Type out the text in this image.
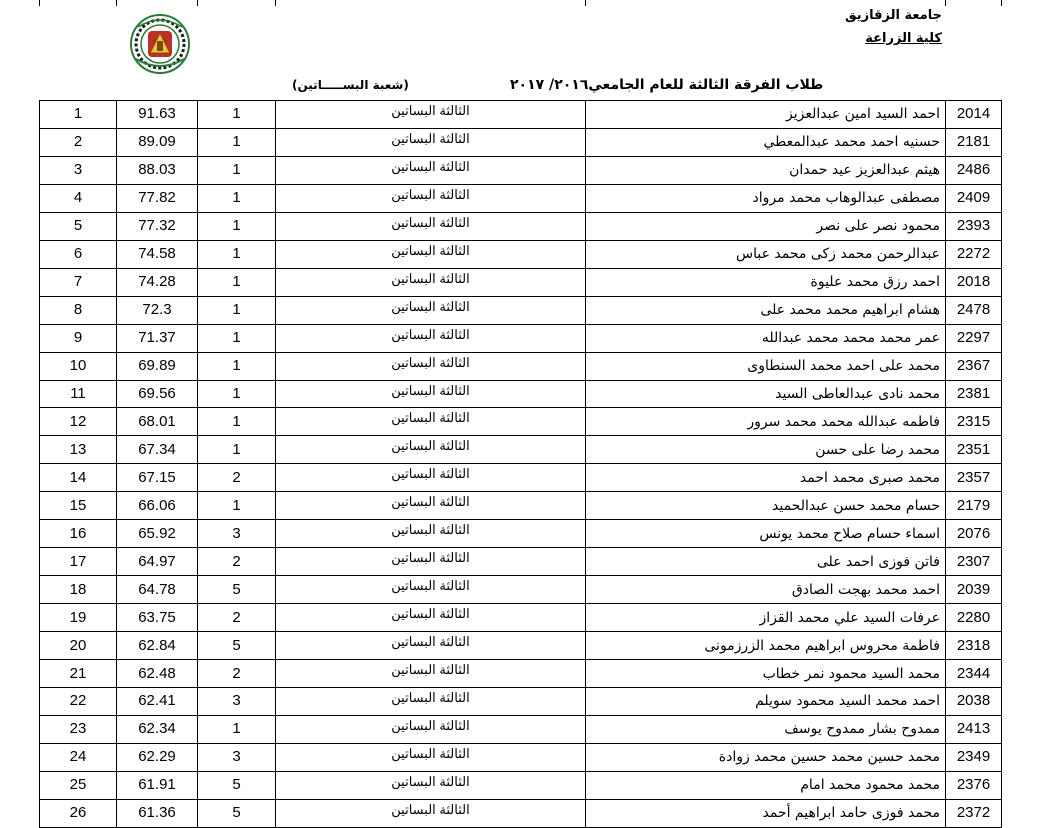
جامعة الزقازيق
كلية الزراعة
طلاب الفرقة الثالثة للعام الجامعي٢٠١٦/ ٢٠١٧
(شعبة البســـــاتين)
1	91.63	1	الثالثة البساتين	احمد السيد امين عبدالعزيز	2014
2	89.09	1	الثالثة البساتين	حسنيه احمد محمد عبدالمعطي	2181
3	88.03	1	الثالثة البساتين	هيثم عبدالعزيز عيد حمدان	2486
4	77.82	1	الثالثة البساتين	مصطفى عبدالوهاب محمد مرواد	2409
5	77.32	1	الثالثة البساتين	محمود نصر على نصر	2393
6	74.58	1	الثالثة البساتين	عبدالرحمن محمد زكى محمد عباس	2272
7	74.28	1	الثالثة البساتين	احمد رزق محمد عليوة	2018
8	72.3	1	الثالثة البساتين	هشام ابراهيم محمد محمد على	2478
9	71.37	1	الثالثة البساتين	عمر محمد محمد محمد عبدالله	2297
10	69.89	1	الثالثة البساتين	محمد على احمد محمد السنطاوى	2367
11	69.56	1	الثالثة البساتين	محمد نادى عبدالعاطى السيد	2381
12	68.01	1	الثالثة البساتين	فاطمه عبدالله محمد محمد سرور	2315
13	67.34	1	الثالثة البساتين	محمد رضا على حسن	2351
14	67.15	2	الثالثة البساتين	محمد صبرى محمد احمد	2357
15	66.06	1	الثالثة البساتين	حسام محمد حسن عبدالحميد	2179
16	65.92	3	الثالثة البساتين	اسماء حسام صلاح محمد يونس	2076
17	64.97	2	الثالثة البساتين	فاتن فوزى احمد على	2307
18	64.78	5	الثالثة البساتين	احمد محمد بهجت الصادق	2039
19	63.75	2	الثالثة البساتين	عرفات السيد علي محمد القزاز	2280
20	62.84	5	الثالثة البساتين	فاطمة محروس ابراهيم محمد الزرزمونى	2318
21	62.48	2	الثالثة البساتين	محمد السيد محمود نمر خطاب	2344
22	62.41	3	الثالثة البساتين	احمد محمد السيد محمود سويلم	2038
23	62.34	1	الثالثة البساتين	ممدوح بشار ممدوح يوسف	2413
24	62.29	3	الثالثة البساتين	محمد حسين محمد حسين محمد زوادة	2349
25	61.91	5	الثالثة البساتين	محمد محمود محمد امام	2376
26	61.36	5	الثالثة البساتين	محمد فوزى حامد ابراهيم أحمد	2372
